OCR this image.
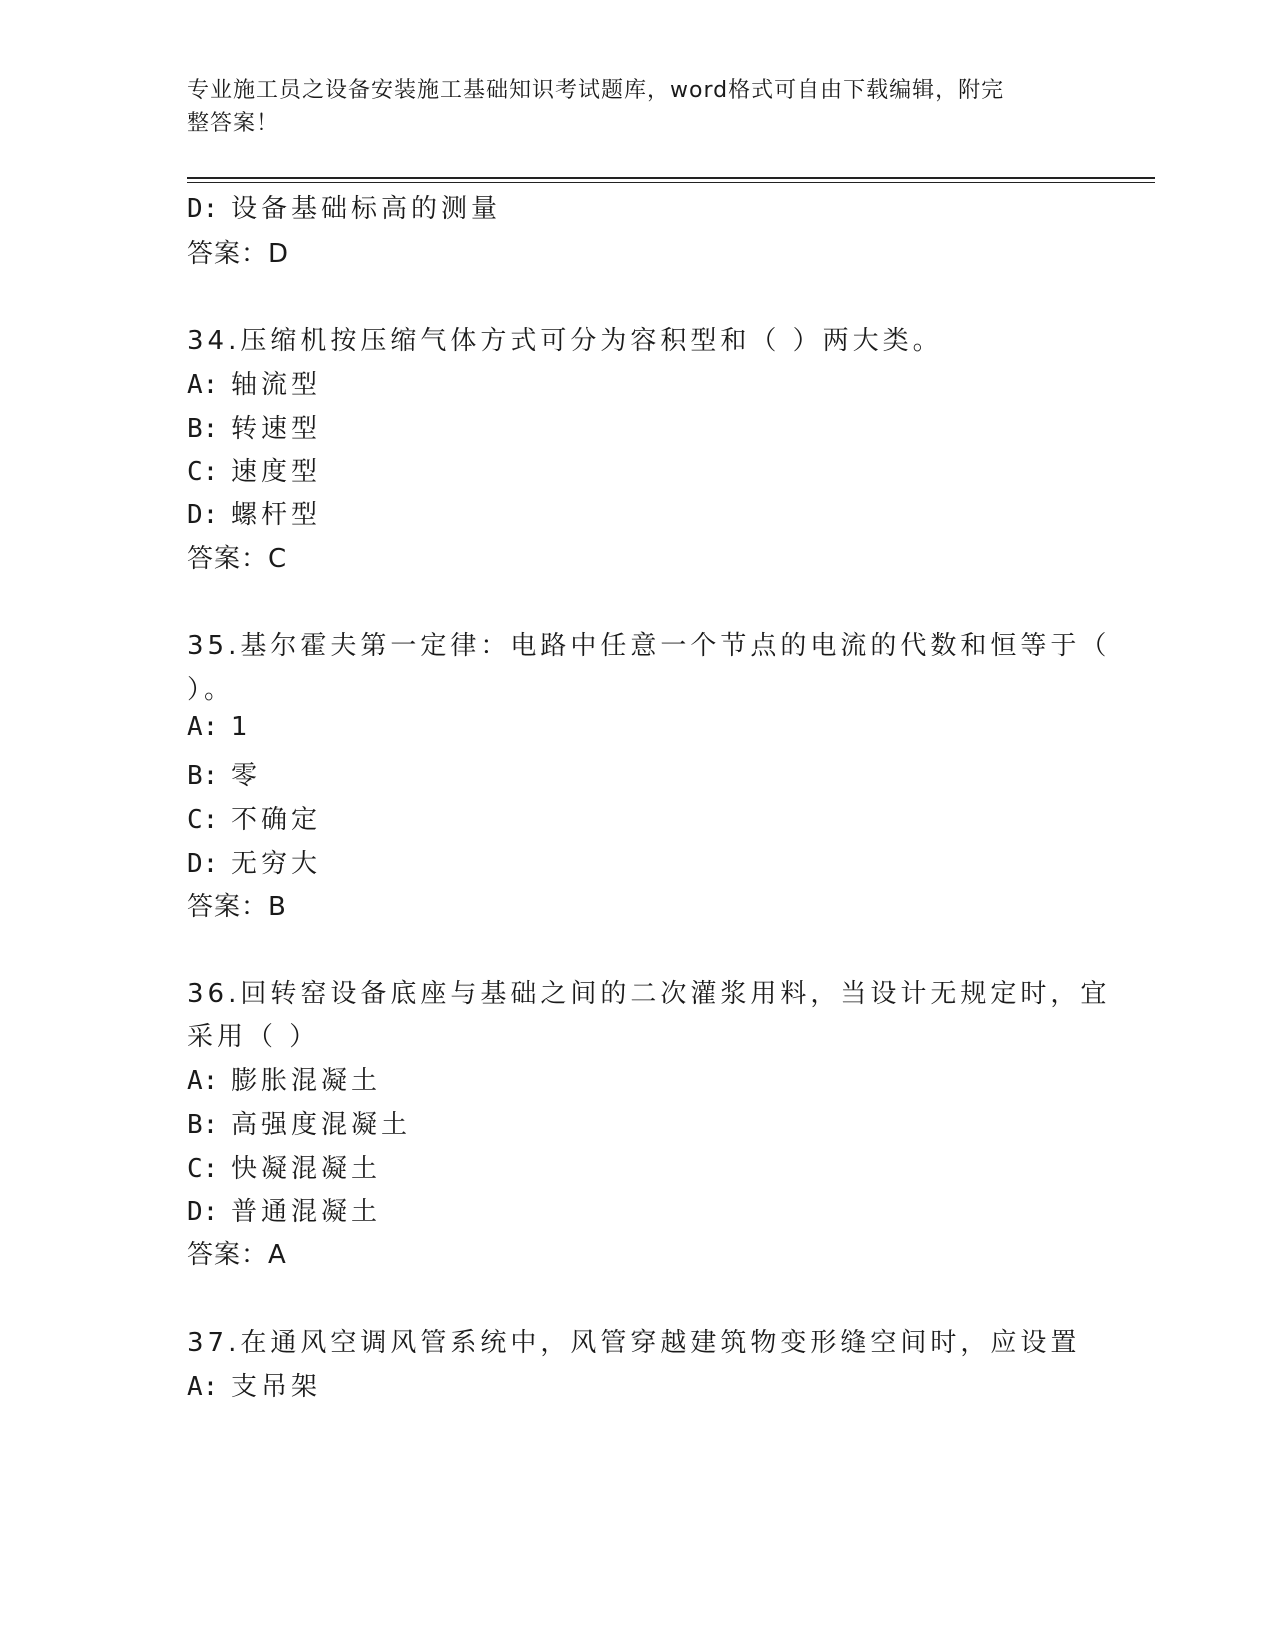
专业施工员之设备安装施工基础知识考试题库，word格式可自由下载编辑，附完
整答案！
D: 设备基础标高的测量
答案：D
34.压缩机按压缩气体方式可分为容积型和（ ）两大类。
A: 轴流型
B: 转速型
C: 速度型
D: 螺杆型
答案：C
35.基尔霍夫第一定律：电路中任意一个节点的电流的代数和恒等于（
）。
A: 1
B: 零
C: 不确定
D: 无穷大
答案：B
36.回转窑设备底座与基础之间的二次灌浆用料，当设计无规定时，宜
采用（ ）
A: 膨胀混凝土
B: 高强度混凝土
C: 快凝混凝土
D: 普通混凝土
答案：A
37.在通风空调风管系统中，风管穿越建筑物变形缝空间时，应设置
A: 支吊架
